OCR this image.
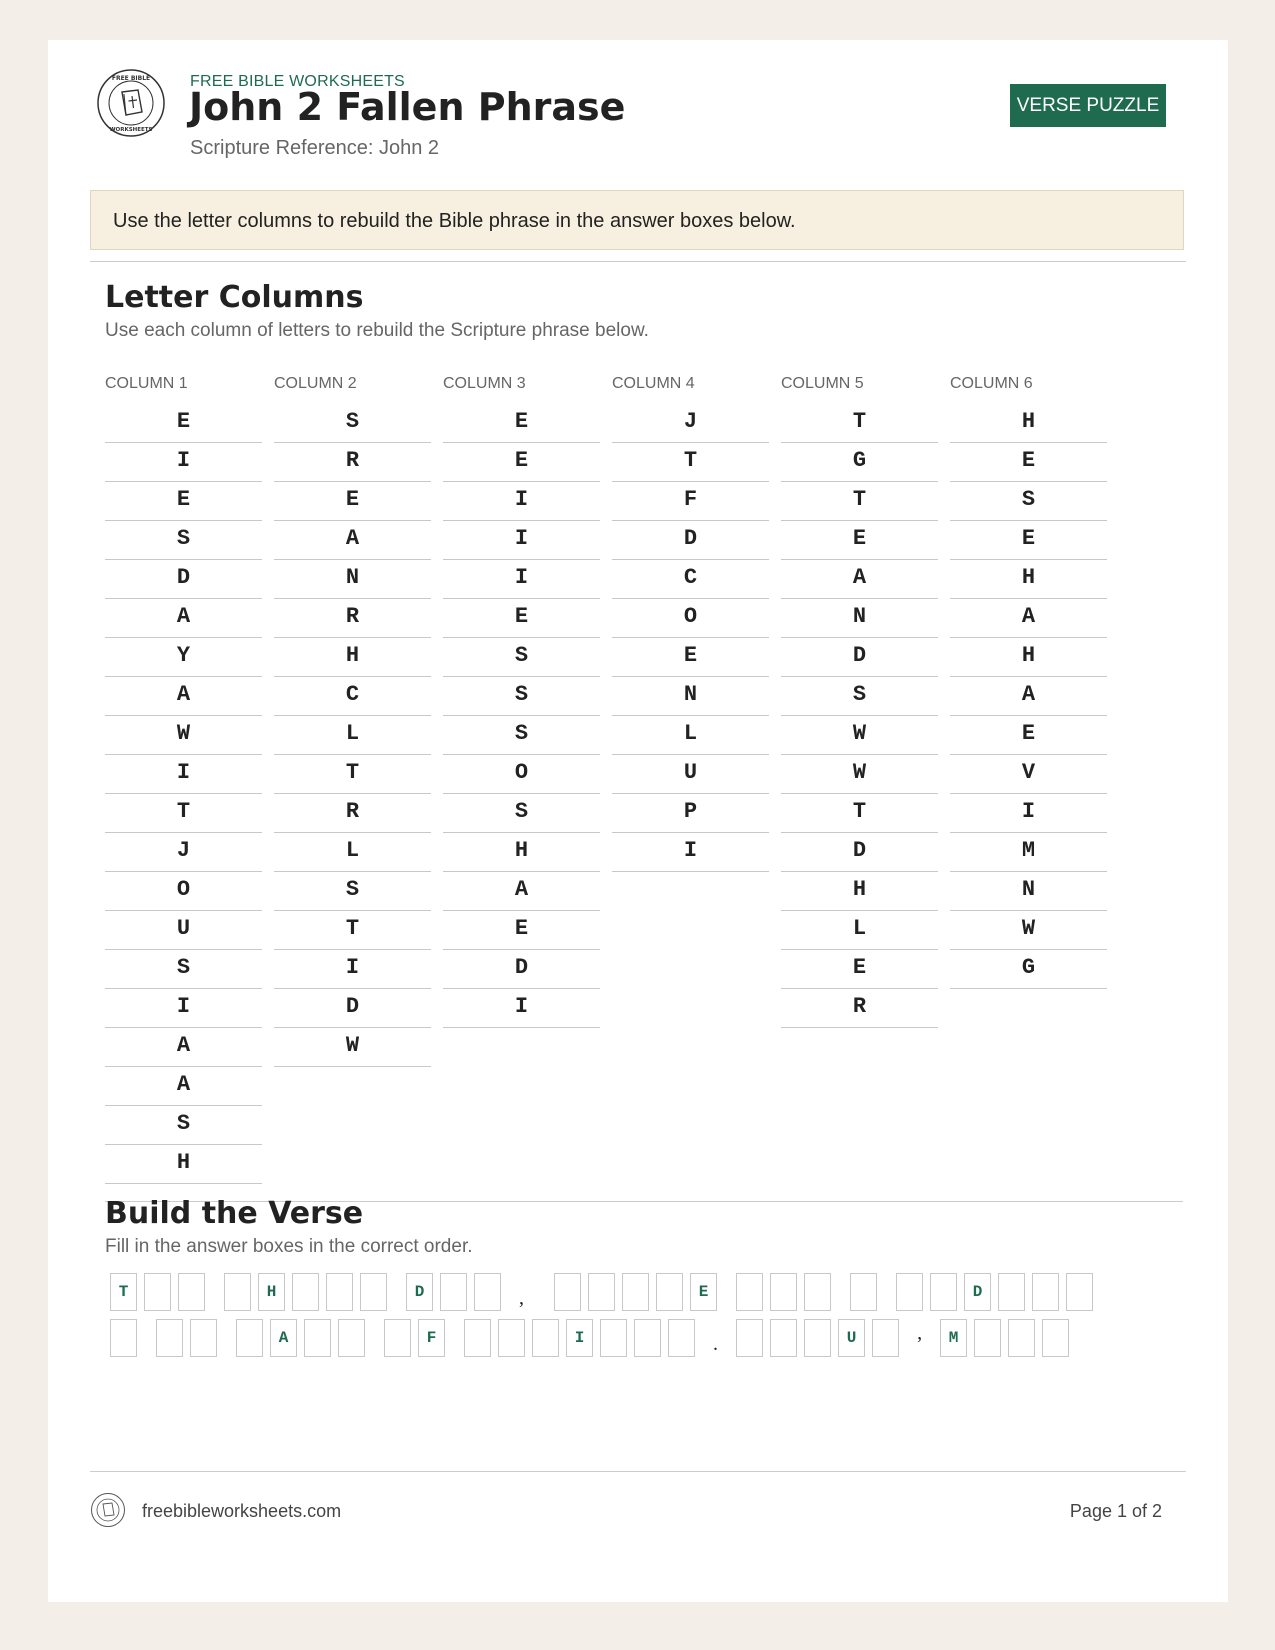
FREE BIBLE
WORKSHEETS
FREE BIBLE WORKSHEETS
John 2 Fallen Phrase
Scripture Reference: John 2
VERSE PUZZLE
Use the letter columns to rebuild the Bible phrase in the answer boxes below.
Letter Columns
Use each column of letters to rebuild the Scripture phrase below.
COLUMN 1
E
I
E
S
D
A
Y
A
W
I
T
J
O
U
S
I
A
A
S
H
COLUMN 2
S
R
E
A
N
R
H
C
L
T
R
L
S
T
I
D
W
COLUMN 3
E
E
I
I
I
E
S
S
S
O
S
H
A
E
D
I
COLUMN 4
J
T
F
D
C
O
E
N
L
U
P
I
COLUMN 5
T
G
T
E
A
N
D
S
W
W
T
D
H
L
E
R
COLUMN 6
H
E
S
E
H
A
H
A
E
V
I
M
N
W
G
Build the Verse
Fill in the answer boxes in the correct order.
T	H	D	,	E	D
A	F	I	.	U	’	M
freebibleworksheets.com	Page 1 of 2
